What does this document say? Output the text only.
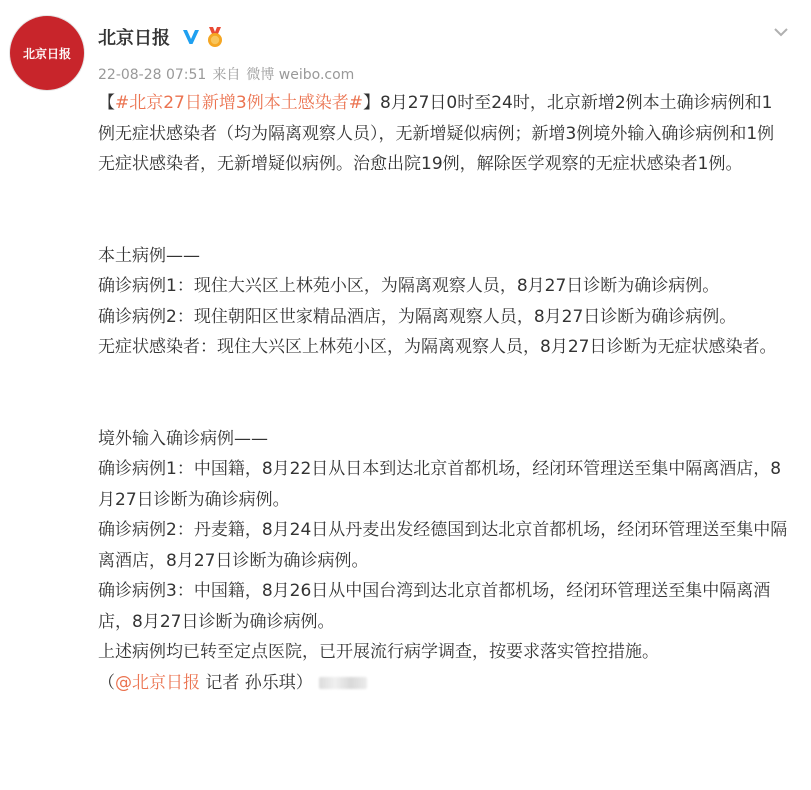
北京日报
北京日报
22-08-28 07:51 来自 微博 weibo.com

【#北京27日新增3例本土感染者#】8月27日0时至24时，北京新增2例本土确诊病例和1例无症状感染者（均为隔离观察人员），无新增疑似病例；新增3例境外输入确诊病例和1例无症状感染者，无新增疑似病例。治愈出院19例，解除医学观察的无症状感染者1例。

本土病例——

确诊病例1：现住大兴区上林苑小区，为隔离观察人员，8月27日诊断为确诊病例。

确诊病例2：现住朝阳区世家精品酒店，为隔离观察人员，8月27日诊断为确诊病例。

无症状感染者：现住大兴区上林苑小区，为隔离观察人员，8月27日诊断为无症状感染者。

境外输入确诊病例——

确诊病例1：中国籍，8月22日从日本到达北京首都机场，经闭环管理送至集中隔离酒店，8月27日诊断为确诊病例。

确诊病例2：丹麦籍，8月24日从丹麦出发经德国到达北京首都机场，经闭环管理送至集中隔离酒店，8月27日诊断为确诊病例。

确诊病例3：中国籍，8月26日从中国台湾到达北京首都机场，经闭环管理送至集中隔离酒店，8月27日诊断为确诊病例。

上述病例均已转至定点医院，已开展流行病学调查，按要求落实管控措施。

（@北京日报 记者 孙乐琪）
